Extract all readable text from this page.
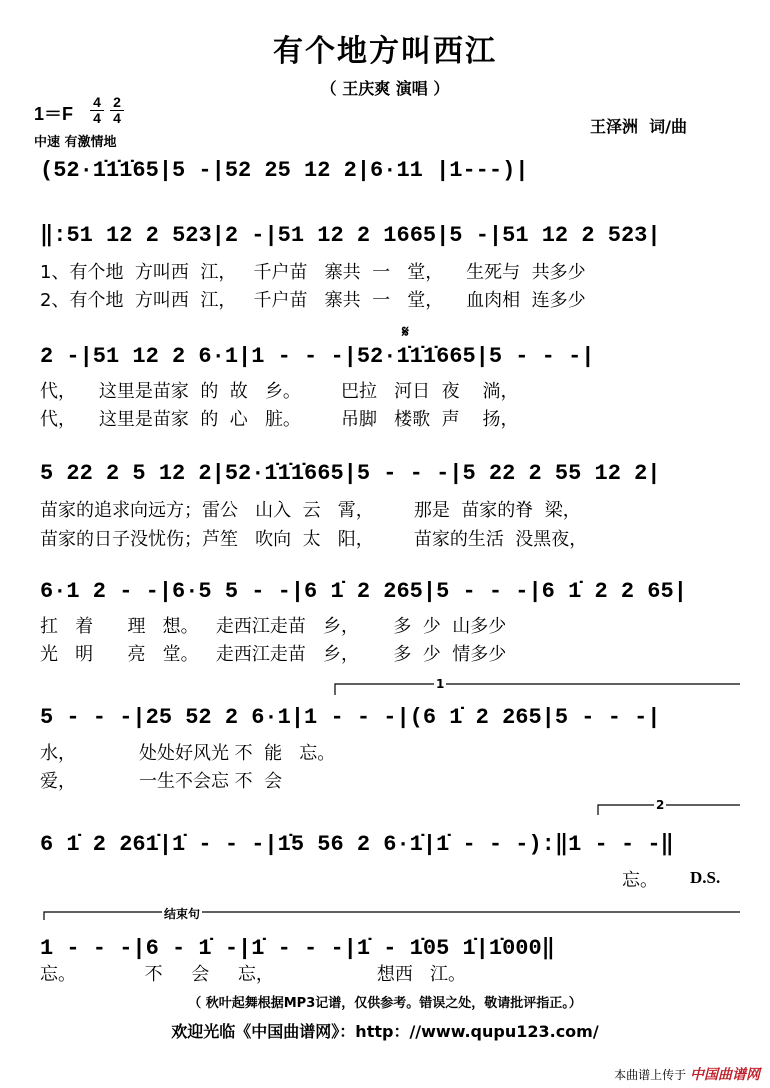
有个地方叫西江
（ 王庆爽 演唱 ）
1＝F
4
4
2
4
中速 有激情地
王泽洲  词/曲
(52·1̇1̇1̇65|5 -|52 25 12 2|6·11 |1---)|
‖:51 12 2 523|2 -|51 12 2 1665|5 -|51 12 2 523|
1、有个地  方叫西  江，   千户苗   寨共  一   堂，    生死与  共多少
2、有个地  方叫西  江，   千户苗   寨共  一   堂，    血肉相  连多少
2 -|51 12 2 6·1|1 - - -|52·1̇1̇1̇665|5 - - -|
𝄋
代，    这里是苗家  的  故   乡。       巴拉   河日  夜    淌，
代，    这里是苗家  的  心   脏。       吊脚   楼歌  声    扬，
5 22 2 5 12 2|52·1̇1̇1̇665|5 - - -|5 22 2 55 12 2|
苗家的追求向远方；雷公   山入  云   霄，       那是  苗家的脊  梁，
苗家的日子没忧伤；芦笙   吹向  太   阳，       苗家的生活  没黑夜，
6·1 2 - -|6·5 5 - -|6 1̇ 2 265|5 - - -|6 1̇ 2 2 65|
扛   着      理   想。   走西江走苗   乡，      多  少  山多少
光   明      亮   堂。   走西江走苗   乡，      多  少  情多少
5 - - -|25 52 2 6·1|1 - - -|(6 1̇ 2 265|5 - - -|
水，           处处好风光 不  能   忘。
爱，           一生不会忘 不  会
6 1̇ 2 261̇|1̇ - - -|1̇5 56 2 6·1̇|1̇ - - -):‖1 - - -‖
忘。 D.S.
1 - - -|6 - 1̇ -|1̇ - - -|1̇ - 1̇05 1̇|1̇000‖
忘。            不     会     忘，                  想西   江。
1
2
结束句
（ 秋叶起舞根据MP3记谱，仅供参考。错误之处，敬请批评指正。）
欢迎光临《中国曲谱网》：http：//www.qupu123.com/
本曲谱上传于 中国曲谱网
